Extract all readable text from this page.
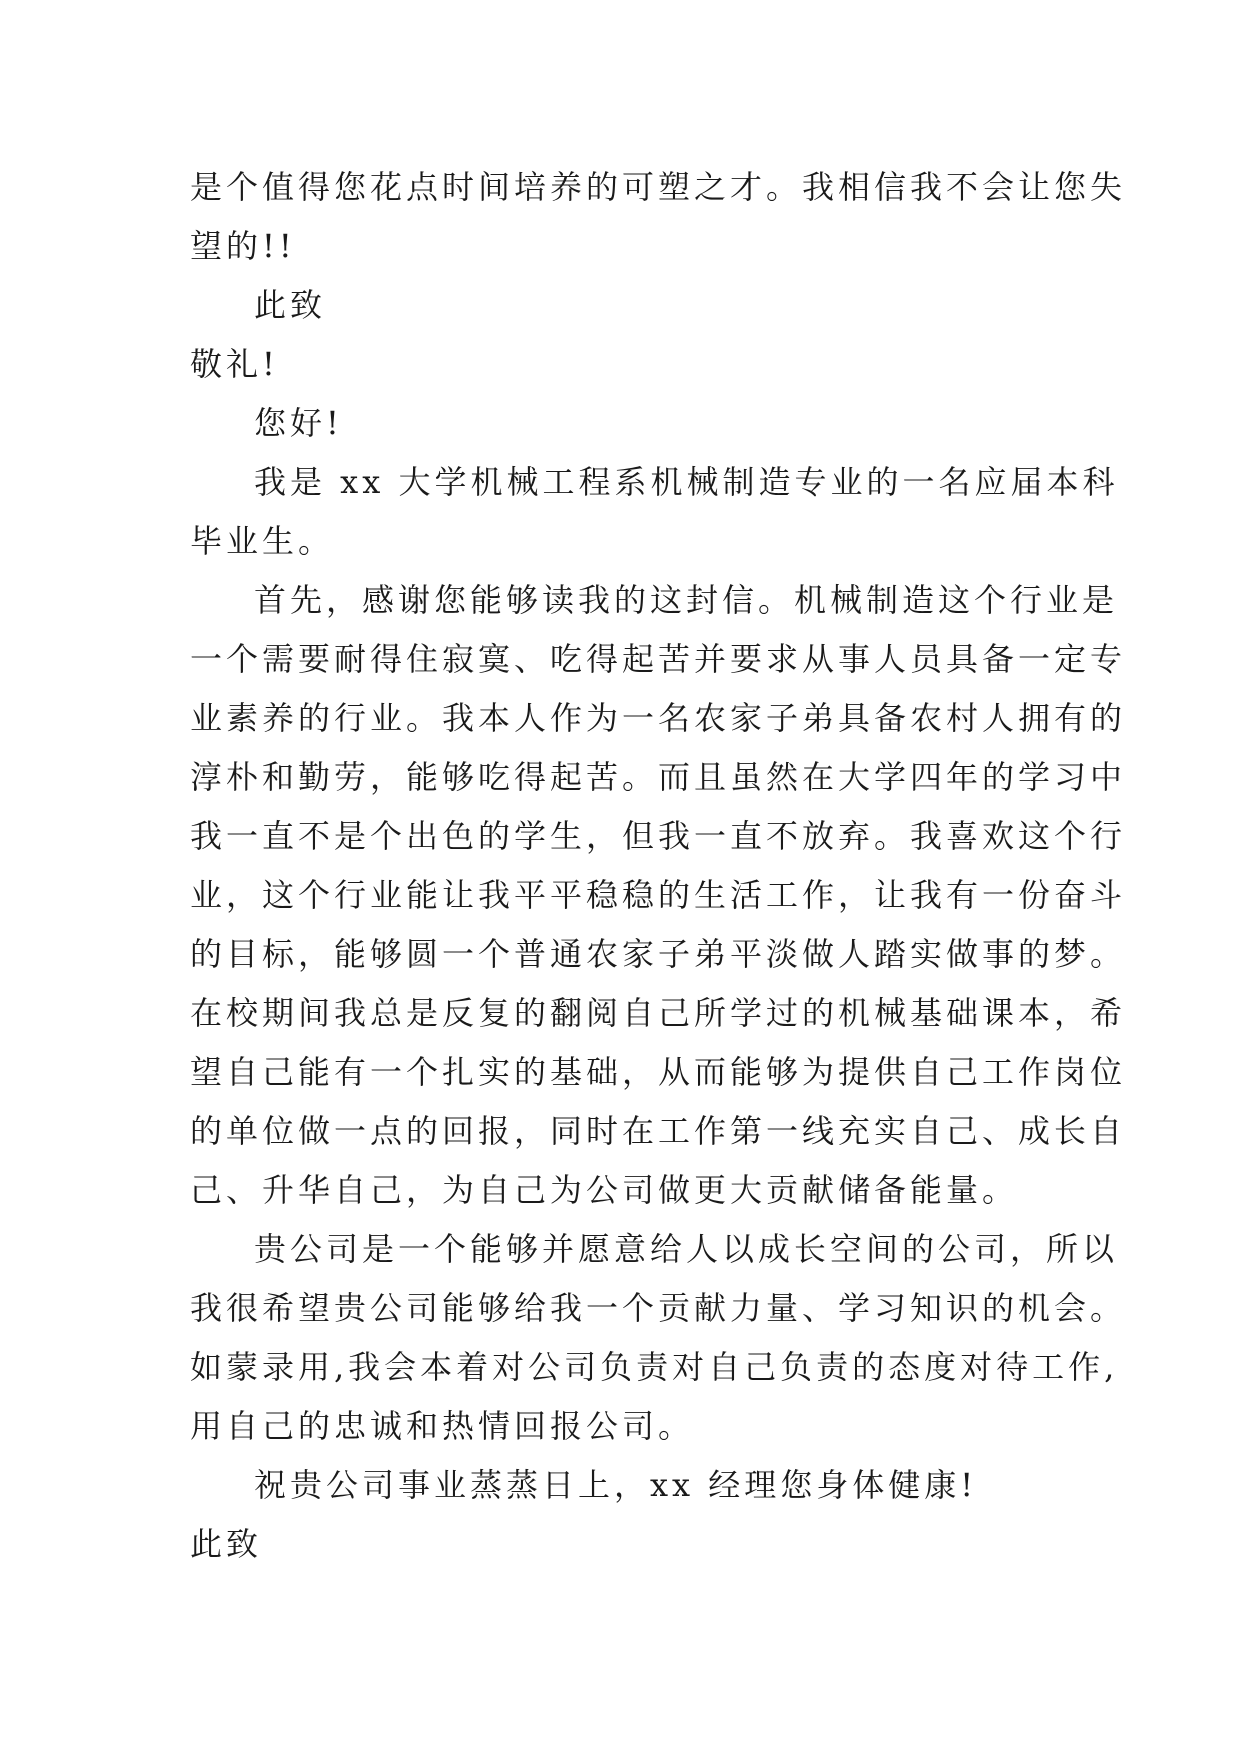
是个值得您花点时间培养的可塑之才。我相信我不会让您失
望的!!
此致
敬礼!
您好!
我是 xx 大学机械工程系机械制造专业的一名应届本科
毕业生。
首先，感谢您能够读我的这封信。机械制造这个行业是
一个需要耐得住寂寞、吃得起苦并要求从事人员具备一定专
业素养的行业。我本人作为一名农家子弟具备农村人拥有的
淳朴和勤劳，能够吃得起苦。而且虽然在大学四年的学习中
我一直不是个出色的学生，但我一直不放弃。我喜欢这个行
业，这个行业能让我平平稳稳的生活工作，让我有一份奋斗
的目标，能够圆一个普通农家子弟平淡做人踏实做事的梦。
在校期间我总是反复的翻阅自己所学过的机械基础课本，希
望自己能有一个扎实的基础，从而能够为提供自己工作岗位
的单位做一点的回报，同时在工作第一线充实自己、成长自
己、升华自己，为自己为公司做更大贡献储备能量。
贵公司是一个能够并愿意给人以成长空间的公司，所以
我很希望贵公司能够给我一个贡献力量、学习知识的机会。
如蒙录用,我会本着对公司负责对自己负责的态度对待工作,
用自己的忠诚和热情回报公司。
祝贵公司事业蒸蒸日上，xx 经理您身体健康!
此致
